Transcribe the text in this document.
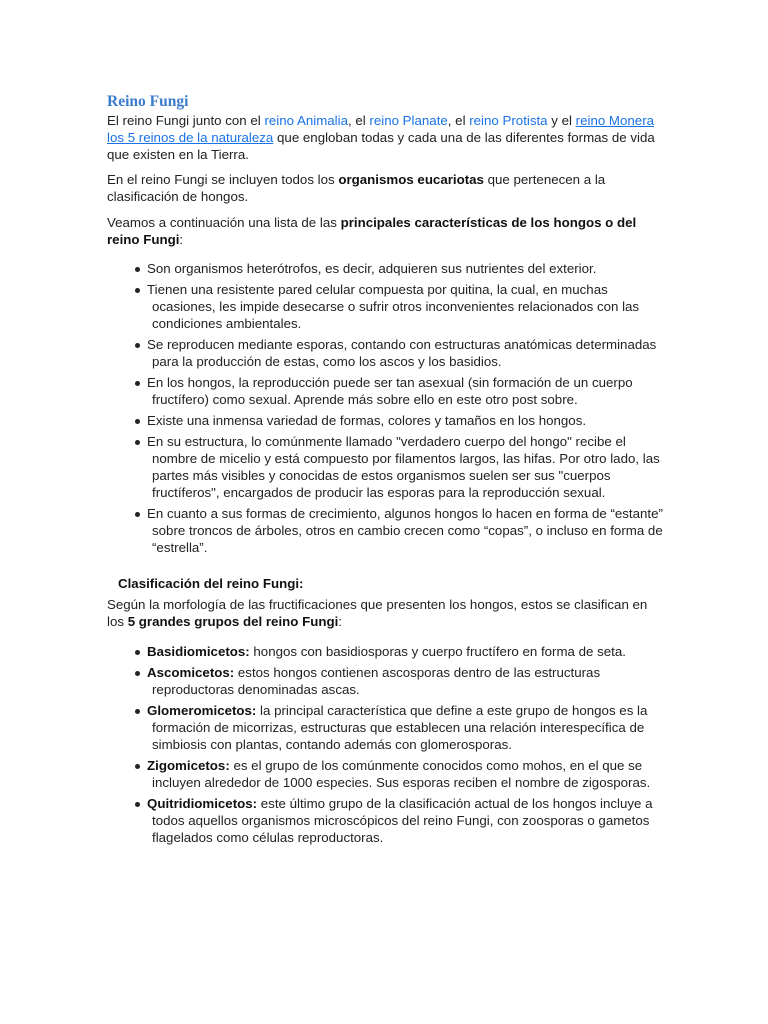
Reino Fungi

El reino Fungi junto con el reino Animalia, el reino Planate, el reino Protista y el reino Monera los 5 reinos de la naturaleza que engloban todas y cada una de las diferentes formas de vida que existen en la Tierra.

En el reino Fungi se incluyen todos los organismos eucariotas que pertenecen a la clasificación de hongos.

Veamos a continuación una lista de las principales características de los hongos o del reino Fungi:

Son organismos heterótrofos, es decir, adquieren sus nutrientes del exterior.
Tienen una resistente pared celular compuesta por quitina, la cual, en muchas ocasiones, les impide desecarse o sufrir otros inconvenientes relacionados con las condiciones ambientales.
Se reproducen mediante esporas, contando con estructuras anatómicas determinadas para la producción de estas, como los ascos y los basidios.
En los hongos, la reproducción puede ser tan asexual (sin formación de un cuerpo fructífero) como sexual. Aprende más sobre ello en este otro post sobre.
Existe una inmensa variedad de formas, colores y tamaños en los hongos.
En su estructura, lo comúnmente llamado "verdadero cuerpo del hongo" recibe el nombre de micelio y está compuesto por filamentos largos, las hifas. Por otro lado, las partes más visibles y conocidas de estos organismos suelen ser sus "cuerpos fructíferos", encargados de producir las esporas para la reproducción sexual.
En cuanto a sus formas de crecimiento, algunos hongos lo hacen en forma de “estante” sobre troncos de árboles, otros en cambio crecen como “copas”, o incluso en forma de “estrella”.

Clasificación del reino Fungi:

Según la morfología de las fructificaciones que presenten los hongos, estos se clasifican en los 5 grandes grupos del reino Fungi:

Basidiomicetos: hongos con basidiosporas y cuerpo fructífero en forma de seta.
Ascomicetos: estos hongos contienen ascosporas dentro de las estructuras reproductoras denominadas ascas.
Glomeromicetos: la principal característica que define a este grupo de hongos es la formación de micorrizas, estructuras que establecen una relación interespecífica de simbiosis con plantas, contando además con glomerosporas.
Zigomicetos: es el grupo de los comúnmente conocidos como mohos, en el que se incluyen alrededor de 1000 especies. Sus esporas reciben el nombre de zigosporas.
Quitridiomicetos: este último grupo de la clasificación actual de los hongos incluye a todos aquellos organismos microscópicos del reino Fungi, con zoosporas o gametos flagelados como células reproductoras.
